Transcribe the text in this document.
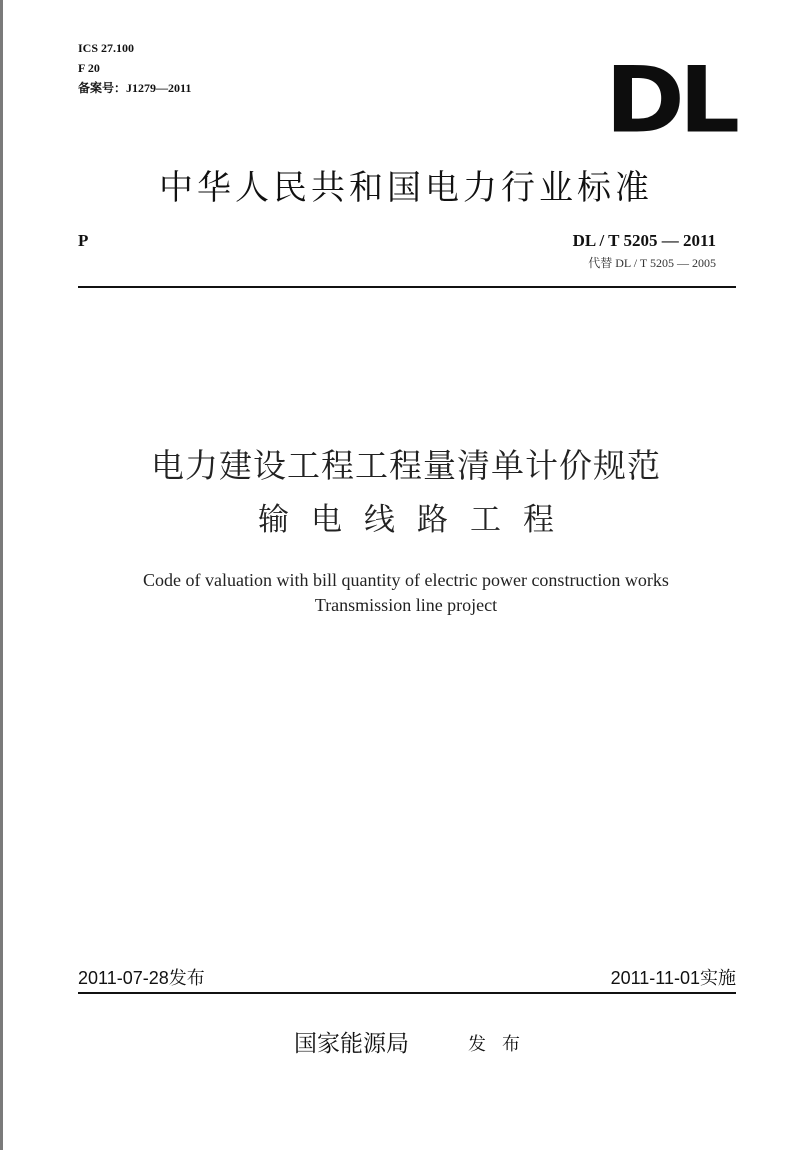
ICS 27.100
F 20
备案号：J1279—2011	DL
中华人民共和国电力行业标准
P	DL / T 5205 — 2011
代替 DL / T 5205 — 2005
电力建设工程工程量清单计价规范
输电线路工程
Code of valuation with bill quantity of electric power construction works
Transmission line project
2011-07-28发布	2011-11-01实施
国家能源局	发布
